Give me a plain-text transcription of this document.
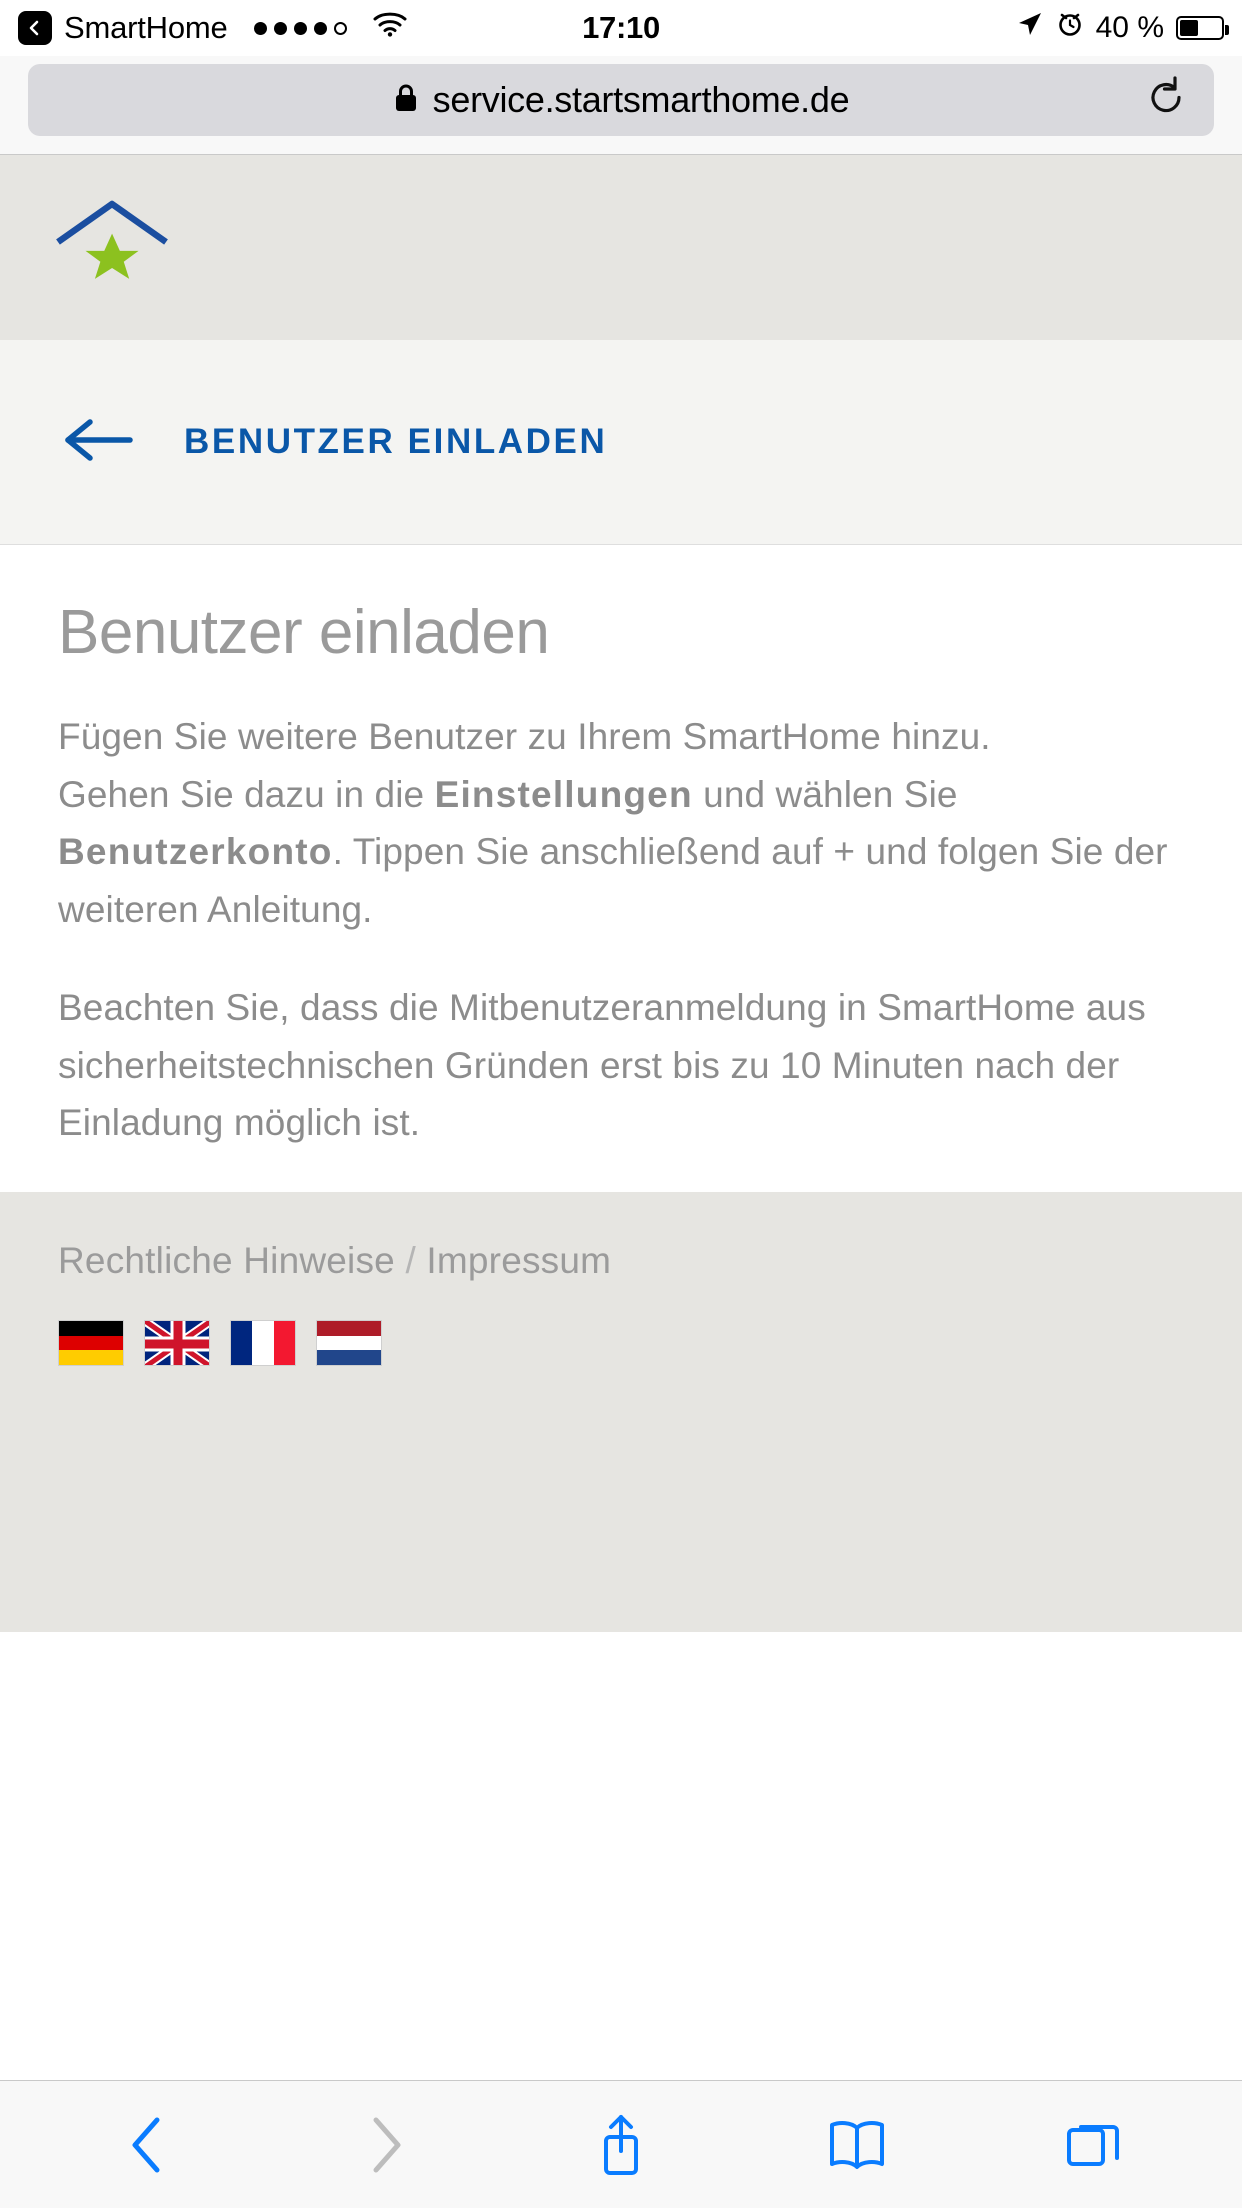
SmartHome	17:10	40 %
service.startsmarthome.de
BENUTZER EINLADEN
Benutzer einladen

Fügen Sie weitere Benutzer zu Ihrem SmartHome hinzu.
Gehen Sie dazu in die Einstellungen und wählen Sie Benutzerkonto. Tippen Sie anschließend auf + und folgen Sie der weiteren Anleitung.

Beachten Sie, dass die Mitbenutzeranmeldung in SmartHome aus sicherheitstechnischen Gründen erst bis zu 10 Minuten nach der Einladung möglich ist.

Rechtliche Hinweise / Impressum
